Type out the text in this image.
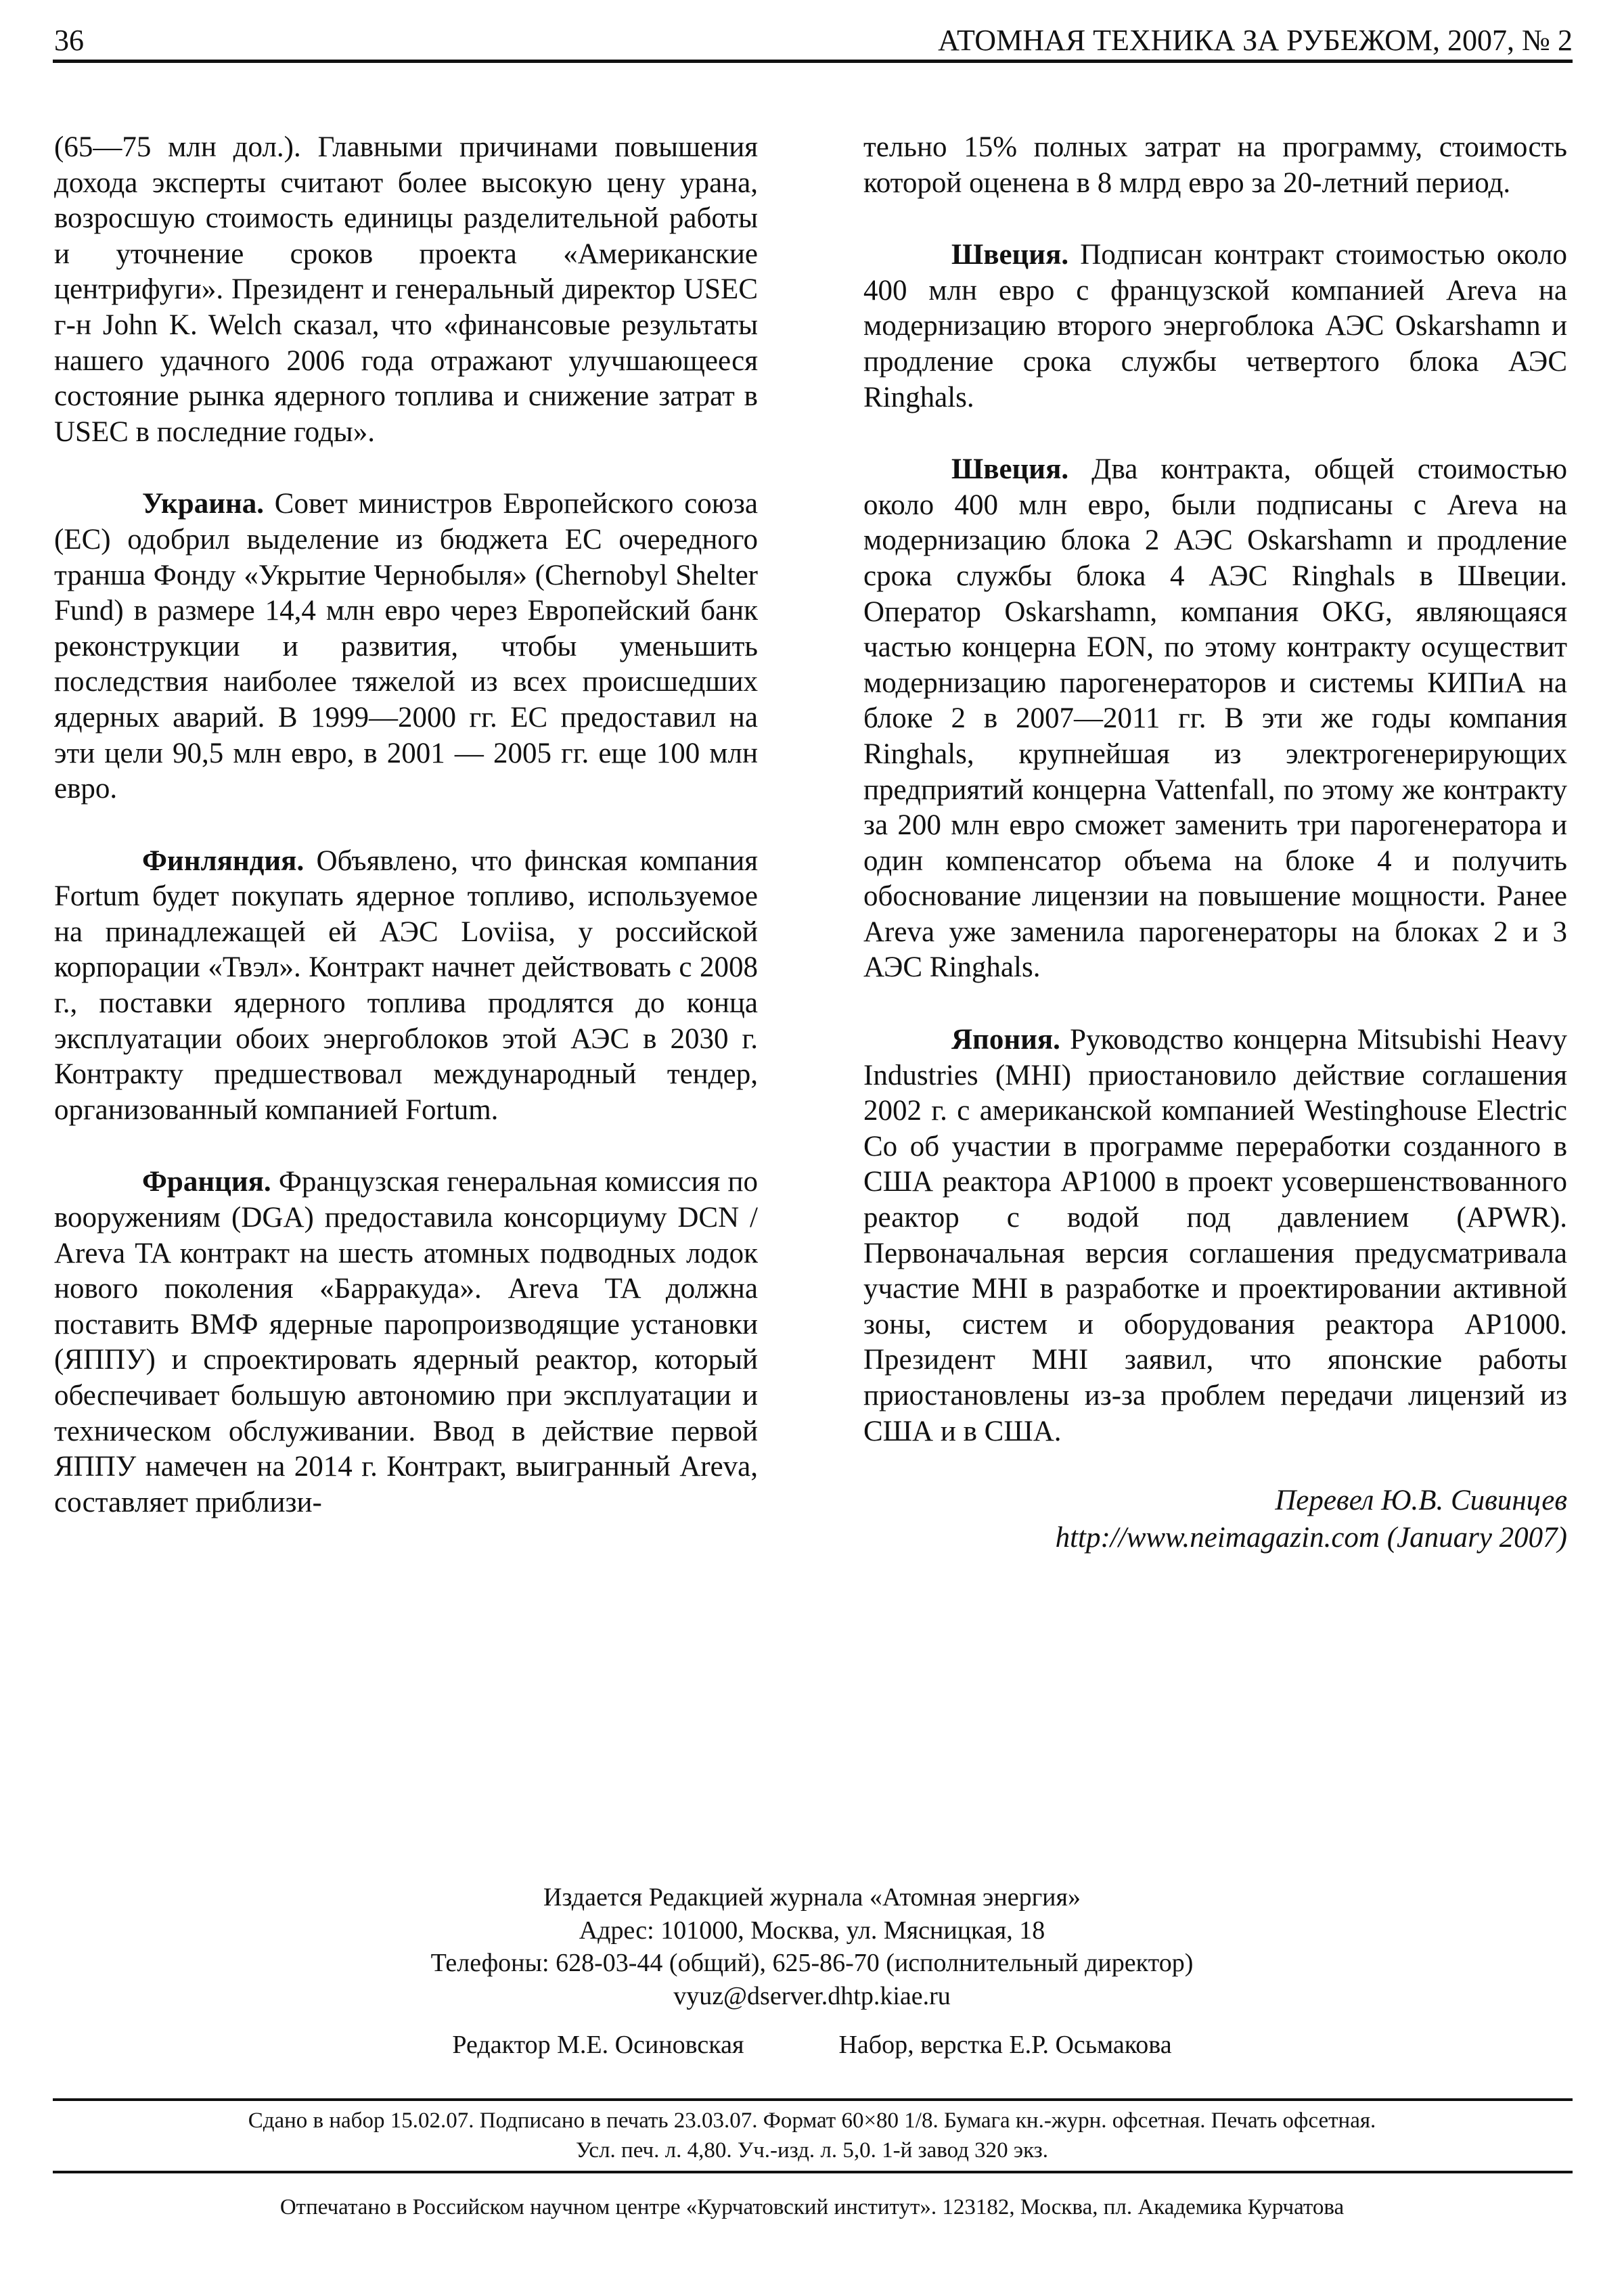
36	АТОМНАЯ ТЕХНИКА ЗА РУБЕЖОМ, 2007, № 2

(65—75 млн дол.). Главными причинами повышения дохода эксперты считают более высокую цену урана, возросшую стоимость единицы разделительной работы и уточнение сроков проекта «Американские центрифуги». Президент и генеральный директор USEC г-н John K. Welch сказал, что «финансовые результаты нашего удачного 2006 года отражают улучшающееся состояние рынка ядерного топлива и снижение затрат в USEC в последние годы».

Украина. Совет министров Европейского союза (ЕС) одобрил выделение из бюджета ЕС очередного транша Фонду «Укрытие Чернобыля» (Chernobyl Shelter Fund) в размере 14,4 млн евро через Европейский банк реконструкции и развития, чтобы уменьшить последствия наиболее тяжелой из всех происшедших ядерных аварий. В 1999—2000 гг. ЕС предоставил на эти цели 90,5 млн евро, в 2001 — 2005 гг. еще 100 млн евро.

Финляндия. Объявлено, что финская компания Fortum будет покупать ядерное топливо, используемое на принадлежащей ей АЭС Loviisa, у российской корпорации «Твэл». Контракт начнет действовать с 2008 г., поставки ядерного топлива продлятся до конца эксплуатации обоих энергоблоков этой АЭС в 2030 г. Контракту предшествовал международный тендер, организованный компанией Fortum.

Франция. Французская генеральная комиссия по вооружениям (DGA) предоставила консорциуму DCN / Areva TA контракт на шесть атомных подводных лодок нового поколения «Барракуда». Areva TA должна поставить ВМФ ядерные паропроизводящие установки (ЯППУ) и спроектировать ядерный реактор, который обеспечивает большую автономию при эксплуатации и техническом обслуживании. Ввод в действие первой ЯППУ намечен на 2014 г. Контракт, выигранный Areva, составляет приблизи-

тельно 15% полных затрат на программу, стоимость которой оценена в 8 млрд евро за 20-летний период.

Швеция. Подписан контракт стоимостью около 400 млн евро с французской компанией Areva на модернизацию второго энергоблока АЭС Oskarshamn и продление срока службы четвертого блока АЭС Ringhals.

Швеция. Два контракта, общей стоимостью около 400 млн евро, были подписаны с Areva на модернизацию блока 2 АЭС Oskarshamn и продление срока службы блока 4 АЭС Ringhals в Швеции. Оператор Oskarshamn, компания OKG, являющаяся частью концерна EON, по этому контракту осуществит модернизацию парогенераторов и системы КИПиА на блоке 2 в 2007—2011 гг. В эти же годы компания Ringhals, крупнейшая из электрогенерирующих предприятий концерна Vattenfall, по этому же контракту за 200 млн евро сможет заменить три парогенератора и один компенсатор объема на блоке 4 и получить обоснование лицензии на повышение мощности. Ранее Areva уже заменила парогенераторы на блоках 2 и 3 АЭС Ringhals.

Япония. Руководство концерна Mitsubishi Heavy Industries (MHI) приостановило действие соглашения 2002 г. с американской компанией Westinghouse Electric Co об участии в программе переработки созданного в США реактора AP1000 в проект усовершенствованного реактор с водой под давлением (APWR). Первоначальная версия соглашения предусматривала участие MHI в разработке и проектировании активной зоны, систем и оборудования реактора AP1000. Президент MHI заявил, что японские работы приостановлены из-за проблем передачи лицензий из США и в США.

Перевел Ю.В. Сивинцев

http://www.neimagazin.com (January 2007)

Издается Редакцией журнала «Атомная энергия»
Адрес: 101000, Москва, ул. Мясницкая, 18
Телефоны: 628-03-44 (общий), 625-86-70 (исполнительный директор)
vyuz@dserver.dhtp.kiae.ru
Редактор М.Е. Осиновская	Набор, верстка Е.Р. Осьмакова
Сдано в набор 15.02.07. Подписано в печать 23.03.07. Формат 60×80 1/8. Бумага кн.-журн. офсетная. Печать офсетная.
Усл. печ. л. 4,80. Уч.-изд. л. 5,0. 1-й завод 320 экз.
Отпечатано в Российском научном центре «Курчатовский институт». 123182, Москва, пл. Академика Курчатова
